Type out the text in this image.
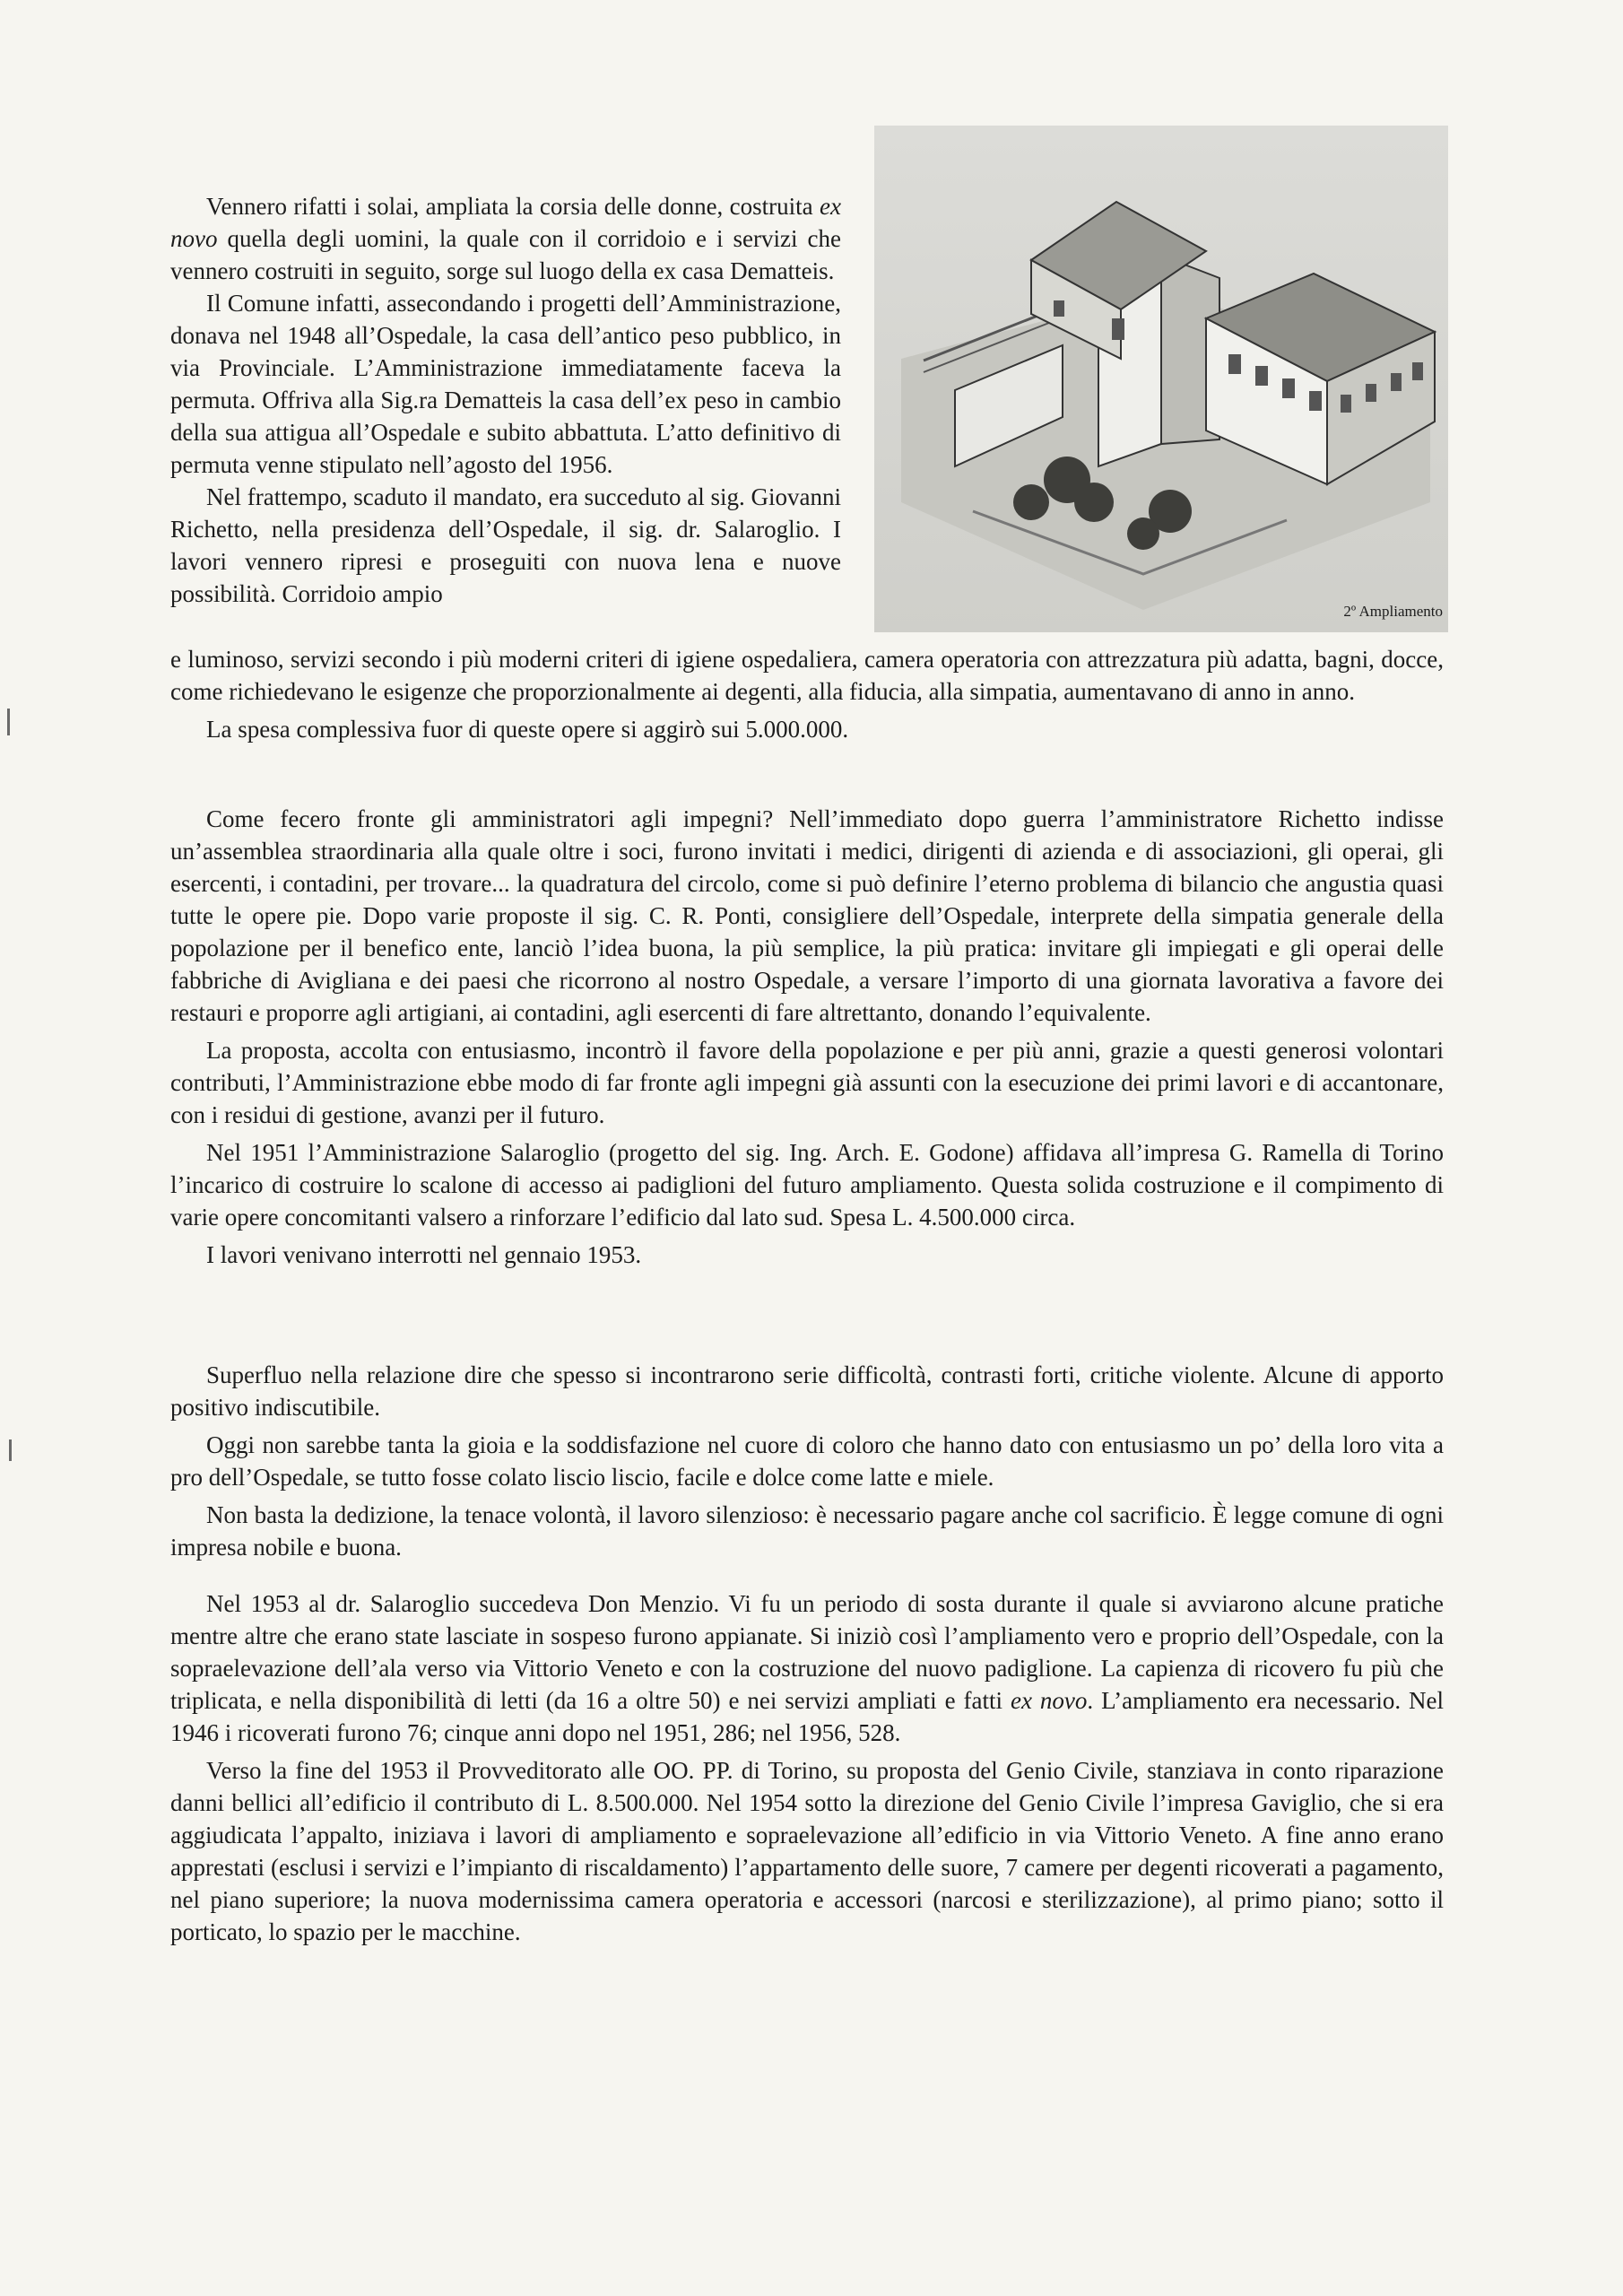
2º Ampliamento

Vennero rifatti i solai, ampliata la corsia delle donne, costruita ex novo quella degli uomini, la quale con il corridoio e i servizi che vennero costruiti in seguito, sorge sul luogo della ex casa Dematteis.

Il Comune infatti, assecondando i progetti dell’Amministrazione, donava nel 1948 all’Ospedale, la casa dell’antico peso pubblico, in via Provinciale. L’Amministrazione immediatamente faceva la permuta. Offriva alla Sig.ra Dematteis la casa dell’ex peso in cambio della sua attigua all’Ospedale e subito abbattuta. L’atto definitivo di permuta venne stipulato nell’agosto del 1956.

Nel frattempo, scaduto il mandato, era succeduto al sig. Giovanni Richetto, nella presidenza dell’Ospedale, il sig. dr. Salaroglio. I lavori vennero ripresi e proseguiti con nuova lena e nuove possibilità. Corridoio ampio

e luminoso, servizi secondo i più moderni criteri di igiene ospedaliera, camera operatoria con attrezzatura più adatta, bagni, docce, come richiedevano le esigenze che proporzionalmente ai degenti, alla fiducia, alla simpatia, aumentavano di anno in anno.

La spesa complessiva fuor di queste opere si aggirò sui 5.000.000.

Come fecero fronte gli amministratori agli impegni? Nell’immediato dopo guerra l’amministratore Richetto indisse un’assemblea straordinaria alla quale oltre i soci, furono invitati i medici, dirigenti di azienda e di associazioni, gli operai, gli esercenti, i contadini, per trovare... la quadratura del circolo, come si può definire l’eterno problema di bilancio che angustia quasi tutte le opere pie. Dopo varie proposte il sig. C. R. Ponti, consigliere dell’Ospedale, interprete della simpatia generale della popolazione per il benefico ente, lanciò l’idea buona, la più semplice, la più pratica: invitare gli impiegati e gli operai delle fabbriche di Avigliana e dei paesi che ricorrono al nostro Ospedale, a versare l’importo di una giornata lavorativa a favore dei restauri e proporre agli artigiani, ai contadini, agli esercenti di fare altrettanto, donando l’equivalente.

La proposta, accolta con entusiasmo, incontrò il favore della popolazione e per più anni, grazie a questi generosi volontari contributi, l’Amministrazione ebbe modo di far fronte agli impegni già assunti con la esecuzione dei primi lavori e di accantonare, con i residui di gestione, avanzi per il futuro.

Nel 1951 l’Amministrazione Salaroglio (progetto del sig. Ing. Arch. E. Godone) affidava all’impresa G. Ramella di Torino l’incarico di costruire lo scalone di accesso ai padiglioni del futuro ampliamento. Questa solida costruzione e il compimento di varie opere concomitanti valsero a rinforzare l’edificio dal lato sud. Spesa L. 4.500.000 circa.

I lavori venivano interrotti nel gennaio 1953.

Superfluo nella relazione dire che spesso si incontrarono serie difficoltà, contrasti forti, critiche violente. Alcune di apporto positivo indiscutibile.

Oggi non sarebbe tanta la gioia e la soddisfazione nel cuore di coloro che hanno dato con entusiasmo un po’ della loro vita a pro dell’Ospedale, se tutto fosse colato liscio liscio, facile e dolce come latte e miele.

Non basta la dedizione, la tenace volontà, il lavoro silenzioso: è necessario pagare anche col sacrificio. È legge comune di ogni impresa nobile e buona.

Nel 1953 al dr. Salaroglio succedeva Don Menzio. Vi fu un periodo di sosta durante il quale si avviarono alcune pratiche mentre altre che erano state lasciate in sospeso furono appianate. Si iniziò così l’ampliamento vero e proprio dell’Ospedale, con la sopraelevazione dell’ala verso via Vittorio Veneto e con la costruzione del nuovo padiglione. La capienza di ricovero fu più che triplicata, e nella disponibilità di letti (da 16 a oltre 50) e nei servizi ampliati e fatti ex novo. L’ampliamento era necessario. Nel 1946 i ricoverati furono 76; cinque anni dopo nel 1951, 286; nel 1956, 528.

Verso la fine del 1953 il Provveditorato alle OO. PP. di Torino, su proposta del Genio Civile, stanziava in conto riparazione danni bellici all’edificio il contributo di L. 8.500.000. Nel 1954 sotto la direzione del Genio Civile l’impresa Gaviglio, che si era aggiudicata l’appalto, iniziava i lavori di ampliamento e sopraelevazione all’edificio in via Vittorio Veneto. A fine anno erano apprestati (esclusi i servizi e l’impianto di riscaldamento) l’appartamento delle suore, 7 camere per degenti ricoverati a pagamento, nel piano superiore; la nuova modernissima camera operatoria e accessori (narcosi e sterilizzazione), al primo piano; sotto il porticato, lo spazio per le macchine.
